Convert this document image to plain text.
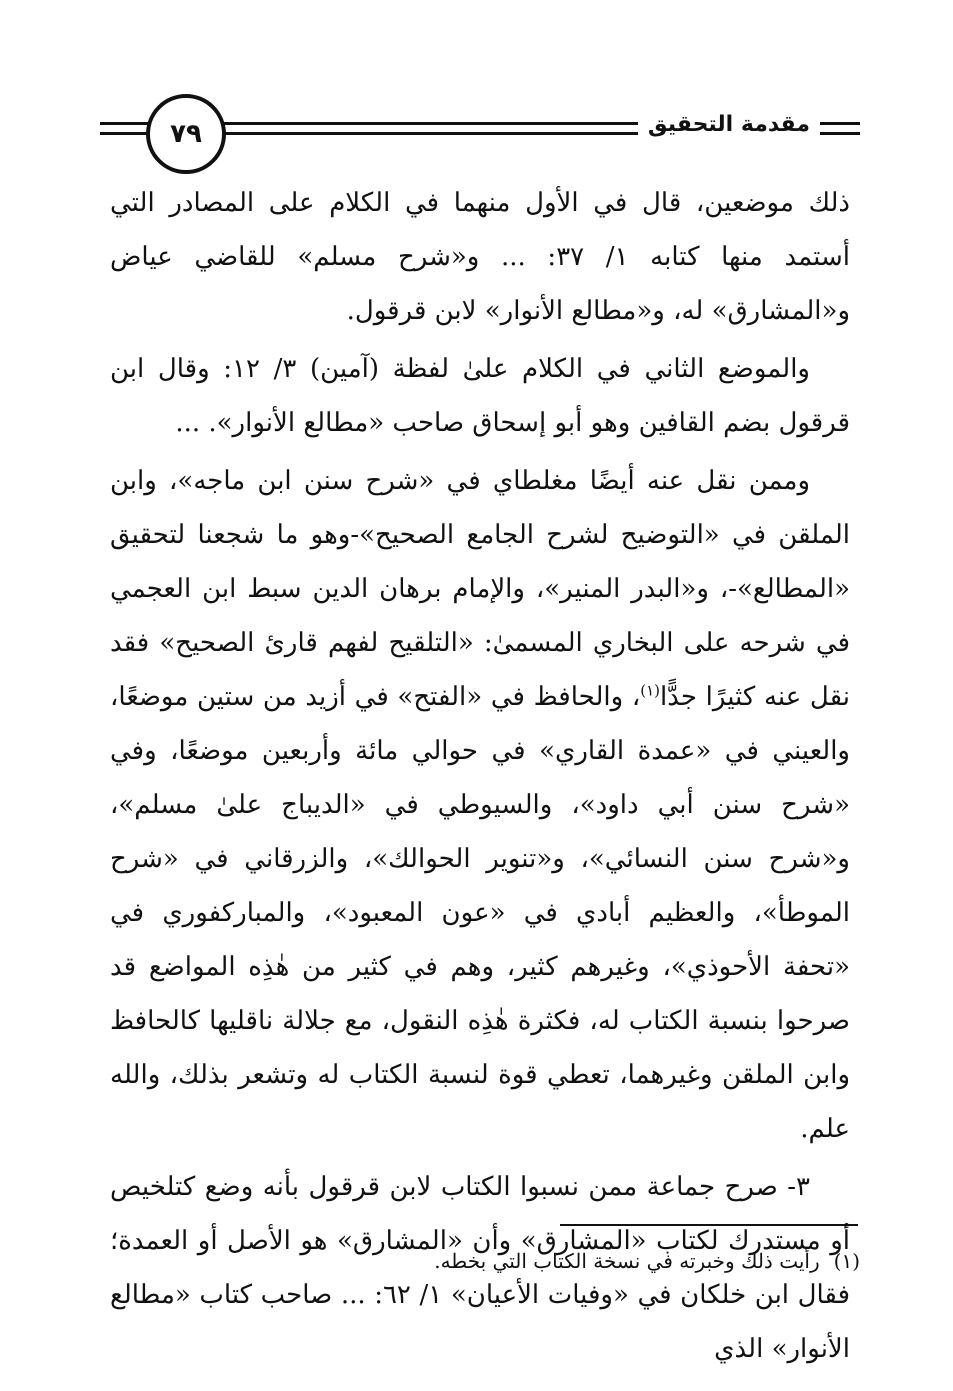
مقدمة التحقيق
٧٩

ذلك موضعين، قال في الأول منهما في الكلام على المصادر التي أستمد منها كتابه ١/ ٣٧: ... و«شرح مسلم» للقاضي عياض و«المشارق» له، و«مطالع الأنوار» لابن قرقول.

والموضع الثاني في الكلام علىٰ لفظة (آمين) ٣/ ١٢: وقال ابن قرقول بضم القافين وهو أبو إسحاق صاحب «مطالع الأنوار». ...

وممن نقل عنه أيضًا مغلطاي في «شرح سنن ابن ماجه»، وابن الملقن في «التوضيح لشرح الجامع الصحيح»-وهو ما شجعنا لتحقيق «المطالع»-، و«البدر المنير»، والإمام برهان الدين سبط ابن العجمي في شرحه على البخاري المسمىٰ: «التلقيح لفهم قارئ الصحيح» فقد نقل عنه كثيرًا جدًّا$^{(١)}$، والحافظ في «الفتح» في أزيد من ستين موضعًا، والعيني في «عمدة القاري» في حوالي مائة وأربعين موضعًا، وفي «شرح سنن أبي داود»، والسيوطي في «الديباج علىٰ مسلم»، و«شرح سنن النسائي»، و«تنوير الحوالك»، والزرقاني في «شرح الموطأ»، والعظيم أبادي في «عون المعبود»، والمباركفوري في «تحفة الأحوذي»، وغيرهم كثير، وهم في كثير من هٰذِه المواضع قد صرحوا بنسبة الكتاب له، فكثرة هٰذِه النقول، مع جلالة ناقليها كالحافظ وابن الملقن وغيرهما، تعطي قوة لنسبة الكتاب له وتشعر بذلك، والله علم.

٣- صرح جماعة ممن نسبوا الكتاب لابن قرقول بأنه وضع كتلخيص أو مستدرك لكتاب «المشارق» وأن «المشارق» هو الأصل أو العمدة؛ فقال ابن خلكان في «وفيات الأعيان» ١/ ٦٢: ... صاحب كتاب «مطالع الأنوار» الذي

(١)رأيت ذلك وخبرته في نسخة الكتاب التي بخطه.
